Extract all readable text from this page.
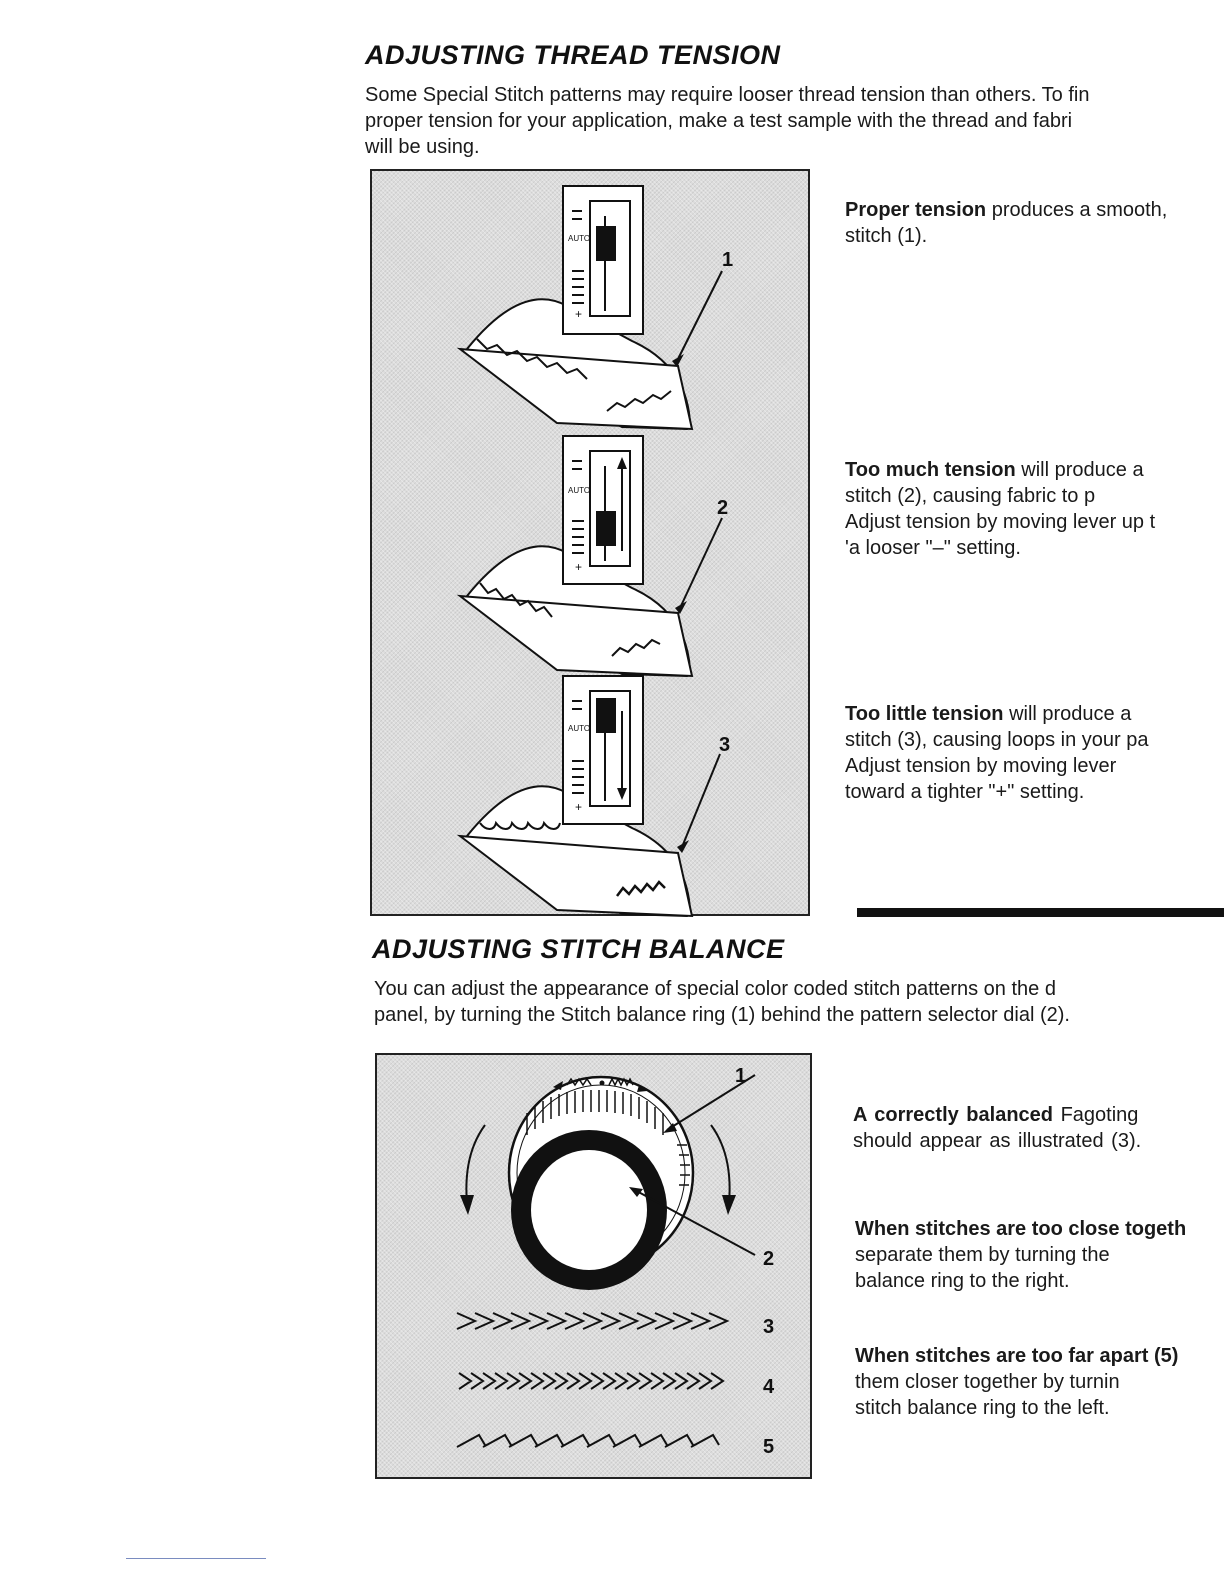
ADJUSTING THREAD TENSION

Some Special Stitch patterns may require looser thread tension than others. To fin

proper tension for your application, make a test sample with the thread and fabri

will be using.

AUTO
+
1
AUTO
+
2
AUTO
+
3
Proper tension produces a smooth,
stitch (1).
Too much tension will produce a
stitch (2), causing fabric to p
Adjust tension by moving lever up t
'a looser "–" setting.
Too little tension will produce a
stitch (3), causing loops in your pa
Adjust tension by moving lever
toward a tighter "+" setting.
ADJUSTING STITCH BALANCE

You can adjust the appearance of special color coded stitch patterns on the d

panel, by turning the Stitch balance ring (1) behind the pattern selector dial (2).

1
2
3
4
5
A correctly balanced Fagoting
should appear as illustrated (3).
When stitches are too close togeth
separate them by turning the
balance ring to the right.
When stitches are too far apart (5)
them closer together by turnin
stitch balance ring to the left.
